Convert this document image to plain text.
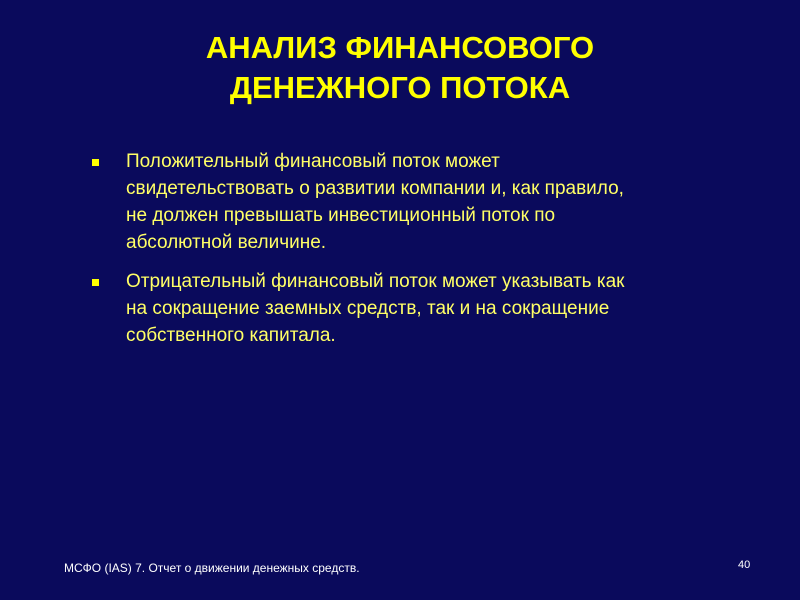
АНАЛИЗ ФИНАНСОВОГО
ДЕНЕЖНОГО ПОТОКА
Положительный финансовый поток может
свидетельствовать о развитии компании и, как правило,
не должен превышать инвестиционный поток по
абсолютной величине.
Отрицательный финансовый поток может указывать как
на сокращение заемных средств, так и на сокращение
собственного капитала.
МСФО (IAS) 7. Отчет о движении денежных средств.	40
